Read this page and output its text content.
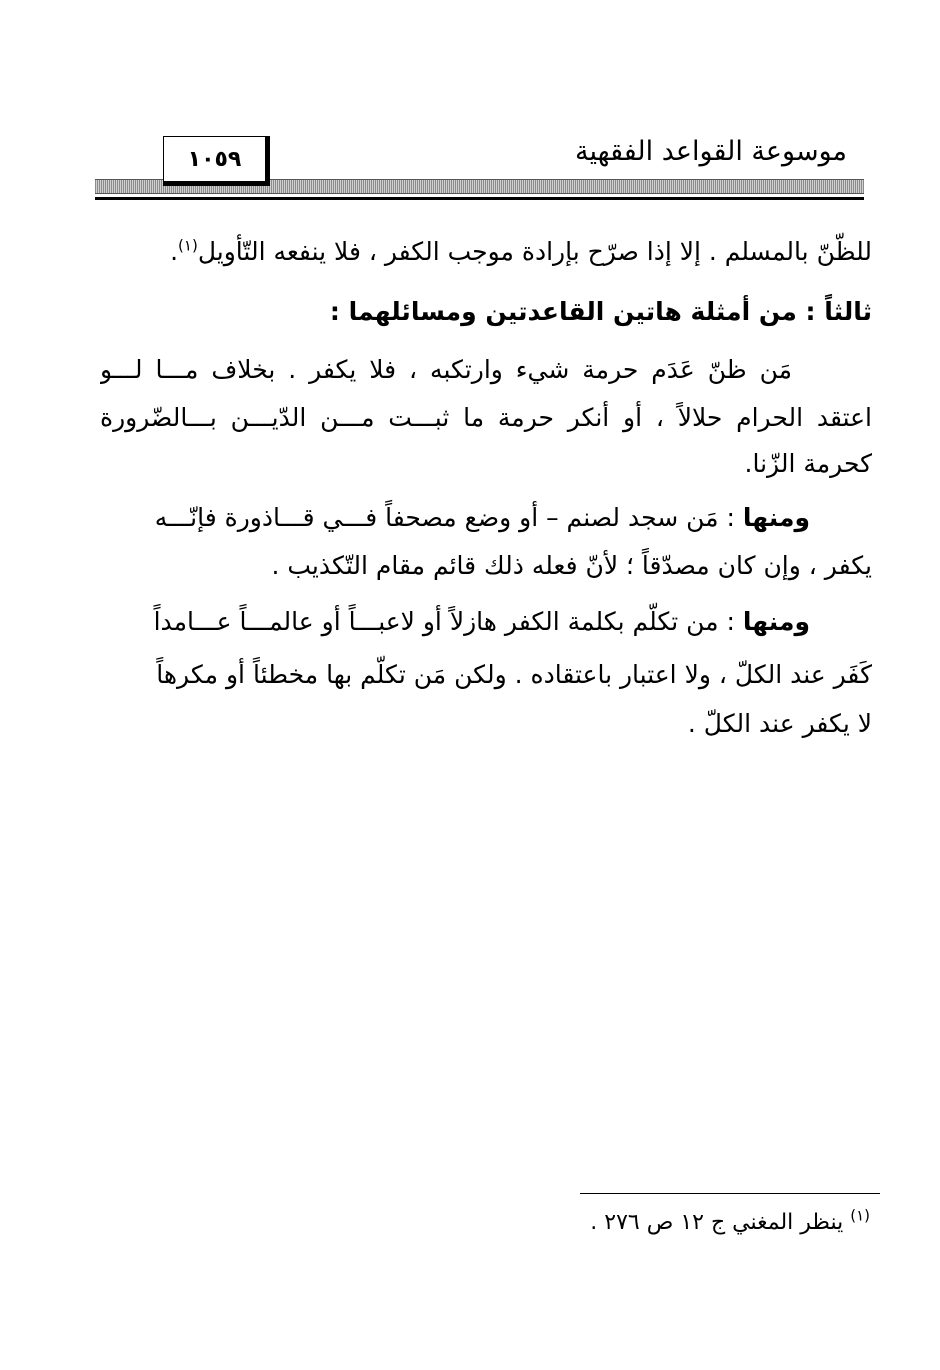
موسوعة القواعد الفقهية
١٠٥٩
للظّنّ بالمسلم . إلا إذا صرّح بإرادة موجب الكفر ، فلا ينفعه التّأويل$^{(١)}$.
ثالثاً : من أمثلة هاتين القاعدتين ومسائلهما :
مَن ظنّ عَدَم حرمة شيء وارتكبه ، فلا يكفر . بخلاف مـــا لـــو
اعتقد الحرام حلالاً ، أو أنكر حرمة ما ثبـــت مـــن الدّيـــن بـــالضّرورة
كحرمة الزّنا.
ومنها : مَن سجد لصنم – أو وضع مصحفاً فـــي قـــاذورة فإنّـــه
يكفر ، وإن كان مصدّقاً ؛ لأنّ فعله ذلك قائم مقام التّكذيب .
ومنها : من تكلّم بكلمة الكفر هازلاً أو لاعبـــاً أو عالمـــاً عـــامداً
كَفَر عند الكلّ ، ولا اعتبار باعتقاده . ولكن مَن تكلّم بها مخطئاً أو مكرهاً
لا يكفر عند الكلّ .
$^{(١)}$ ينظر المغني ج ١٢ ص ٢٧٦ .
